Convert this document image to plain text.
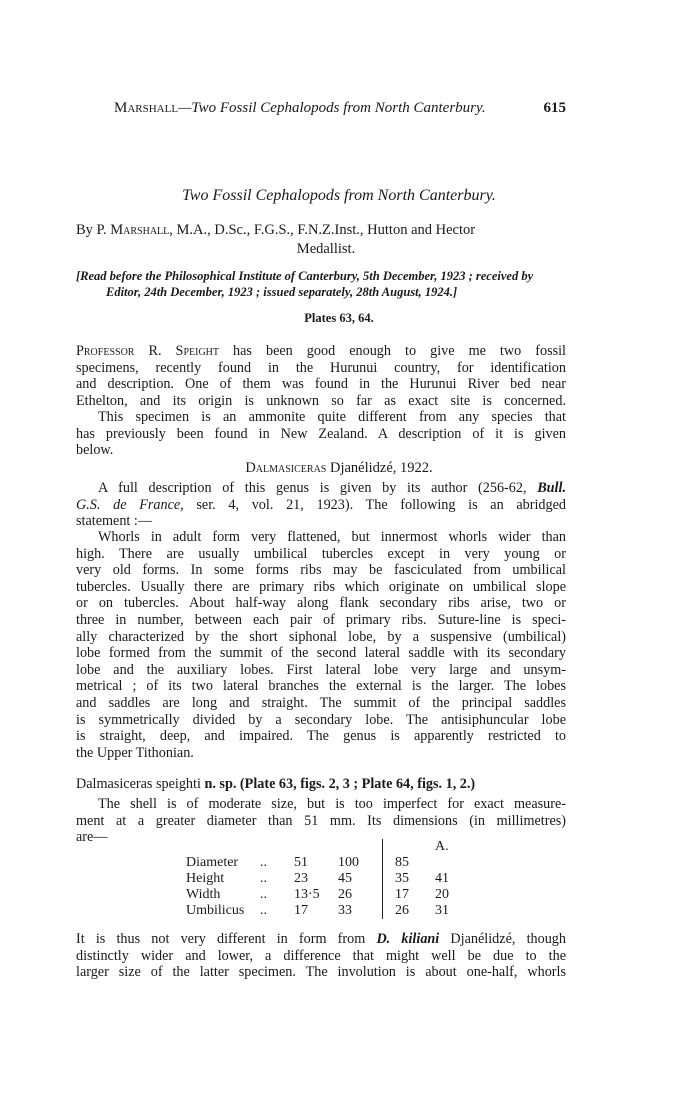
Marshall—Two Fossil Cephalopods from North Canterbury.	615
Two Fossil Cephalopods from North Canterbury.
By P. Marshall, M.A., D.Sc., F.G.S., F.N.Z.Inst., Hutton and Hector
Medallist.
[Read before the Philosophical Institute of Canterbury, 5th December, 1923 ; received by
Editor, 24th December, 1923 ; issued separately, 28th August, 1924.]
Plates 63, 64.
Professor R. Speight has been good enough to give me two fossil
specimens, recently found in the Hurunui country, for identification
and description. One of them was found in the Hurunui River bed near
Ethelton, and its origin is unknown so far as exact site is concerned.
This specimen is an ammonite quite different from any species that
has previously been found in New Zealand. A description of it is given
below.
Dalmasiceras Djanélidzé, 1922.
A full description of this genus is given by its author (256-62, Bull.
G.S. de France, ser. 4, vol. 21, 1923). The following is an abridged
statement :—
Whorls in adult form very flattened, but innermost whorls wider than
high. There are usually umbilical tubercles except in very young or
very old forms. In some forms ribs may be fasciculated from umbilical
tubercles. Usually there are primary ribs which originate on umbilical slope
or on tubercles. About half-way along flank secondary ribs arise, two or
three in number, between each pair of primary ribs. Suture-line is speci-
ally characterized by the short siphonal lobe, by a suspensive (umbilical)
lobe formed from the summit of the second lateral saddle with its secondary
lobe and the auxiliary lobes. First lateral lobe very large and unsym-
metrical ; of its two lateral branches the external is the larger. The lobes
and saddles are long and straight. The summit of the principal saddles
is symmetrically divided by a secondary lobe. The antisiphuncular lobe
is straight, deep, and impaired. The genus is apparently restricted to
the Upper Tithonian.
Dalmasiceras speighti n. sp. (Plate 63, figs. 2, 3 ; Plate 64, figs. 1, 2.)
The shell is of moderate size, but is too imperfect for exact measure-
ment at a greater diameter than 51 mm. Its dimensions (in millimetres)
are—
					A.
Diameter	..	51	100	85	
Height	..	23	45	35	41
Width	..	13·5	26	17	20
Umbilicus	..	17	33	26	31
It is thus not very different in form from D. kiliani Djanélidzé, though
distinctly wider and lower, a difference that might well be due to the
larger size of the latter specimen. The involution is about one-half, whorls
